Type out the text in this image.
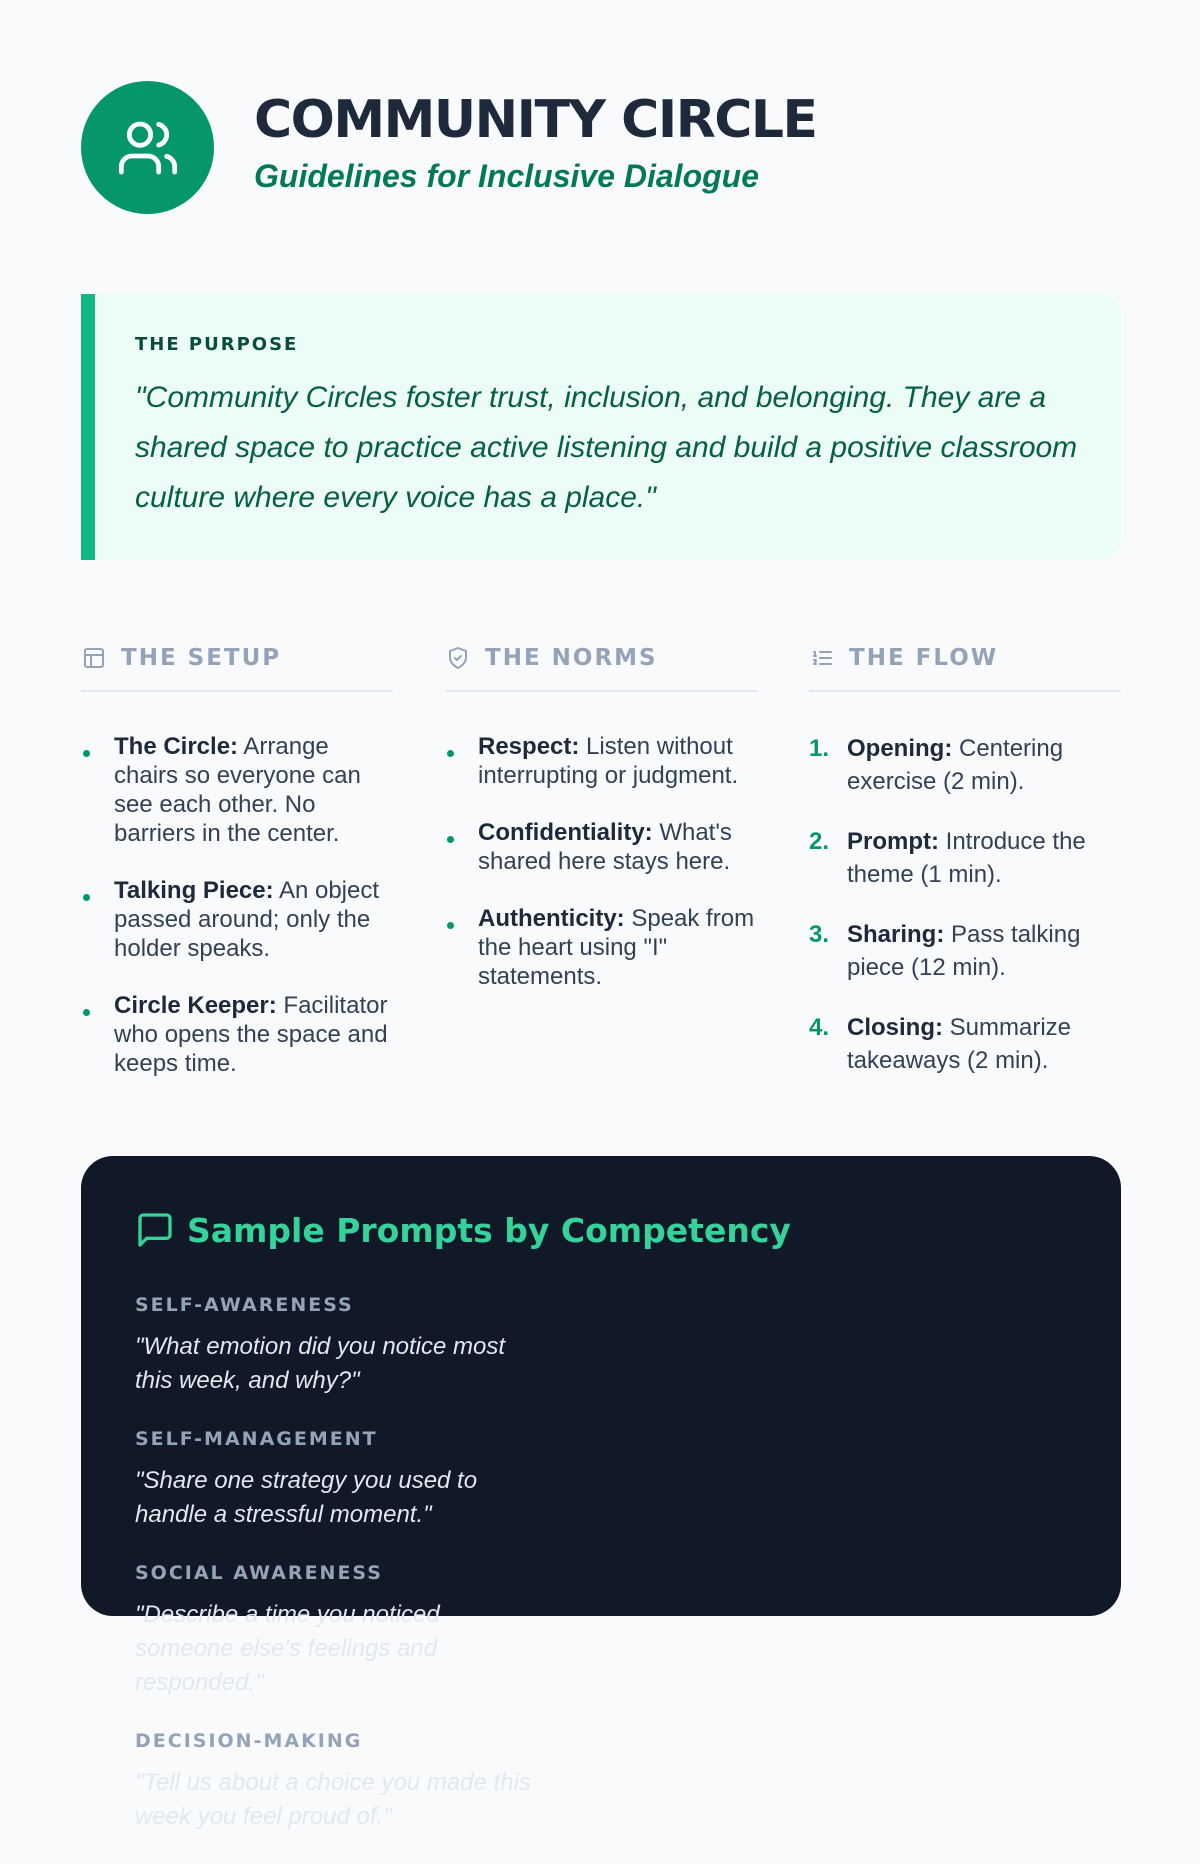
COMMUNITY CIRCLE
Guidelines for Inclusive Dialogue
THE PURPOSE
"Community Circles foster trust, inclusion, and belonging. They are a shared space to practice active listening and build a positive classroom culture where every voice has a place."
THE SETUP
The Circle: Arrange chairs so everyone can see each other. No barriers in the center.
Talking Piece: An object passed around; only the holder speaks.
Circle Keeper: Facilitator who opens the space and keeps time.
THE NORMS
Respect: Listen without interrupting or judgment.
Confidentiality: What's shared here stays here.
Authenticity: Speak from the heart using "I" statements.
THE FLOW
1. Opening: Centering exercise (2 min).
2. Prompt: Introduce the theme (1 min).
3. Sharing: Pass talking piece (12 min).
4. Closing: Summarize takeaways (2 min).
Sample Prompts by Competency
SELF-AWARENESS
"What emotion did you notice most this week, and why?"
SELF-MANAGEMENT
"Share one strategy you used to handle a stressful moment."
SOCIAL AWARENESS
"Describe a time you noticed someone else's feelings and responded."
DECISION-MAKING
"Tell us about a choice you made this week you feel proud of."
